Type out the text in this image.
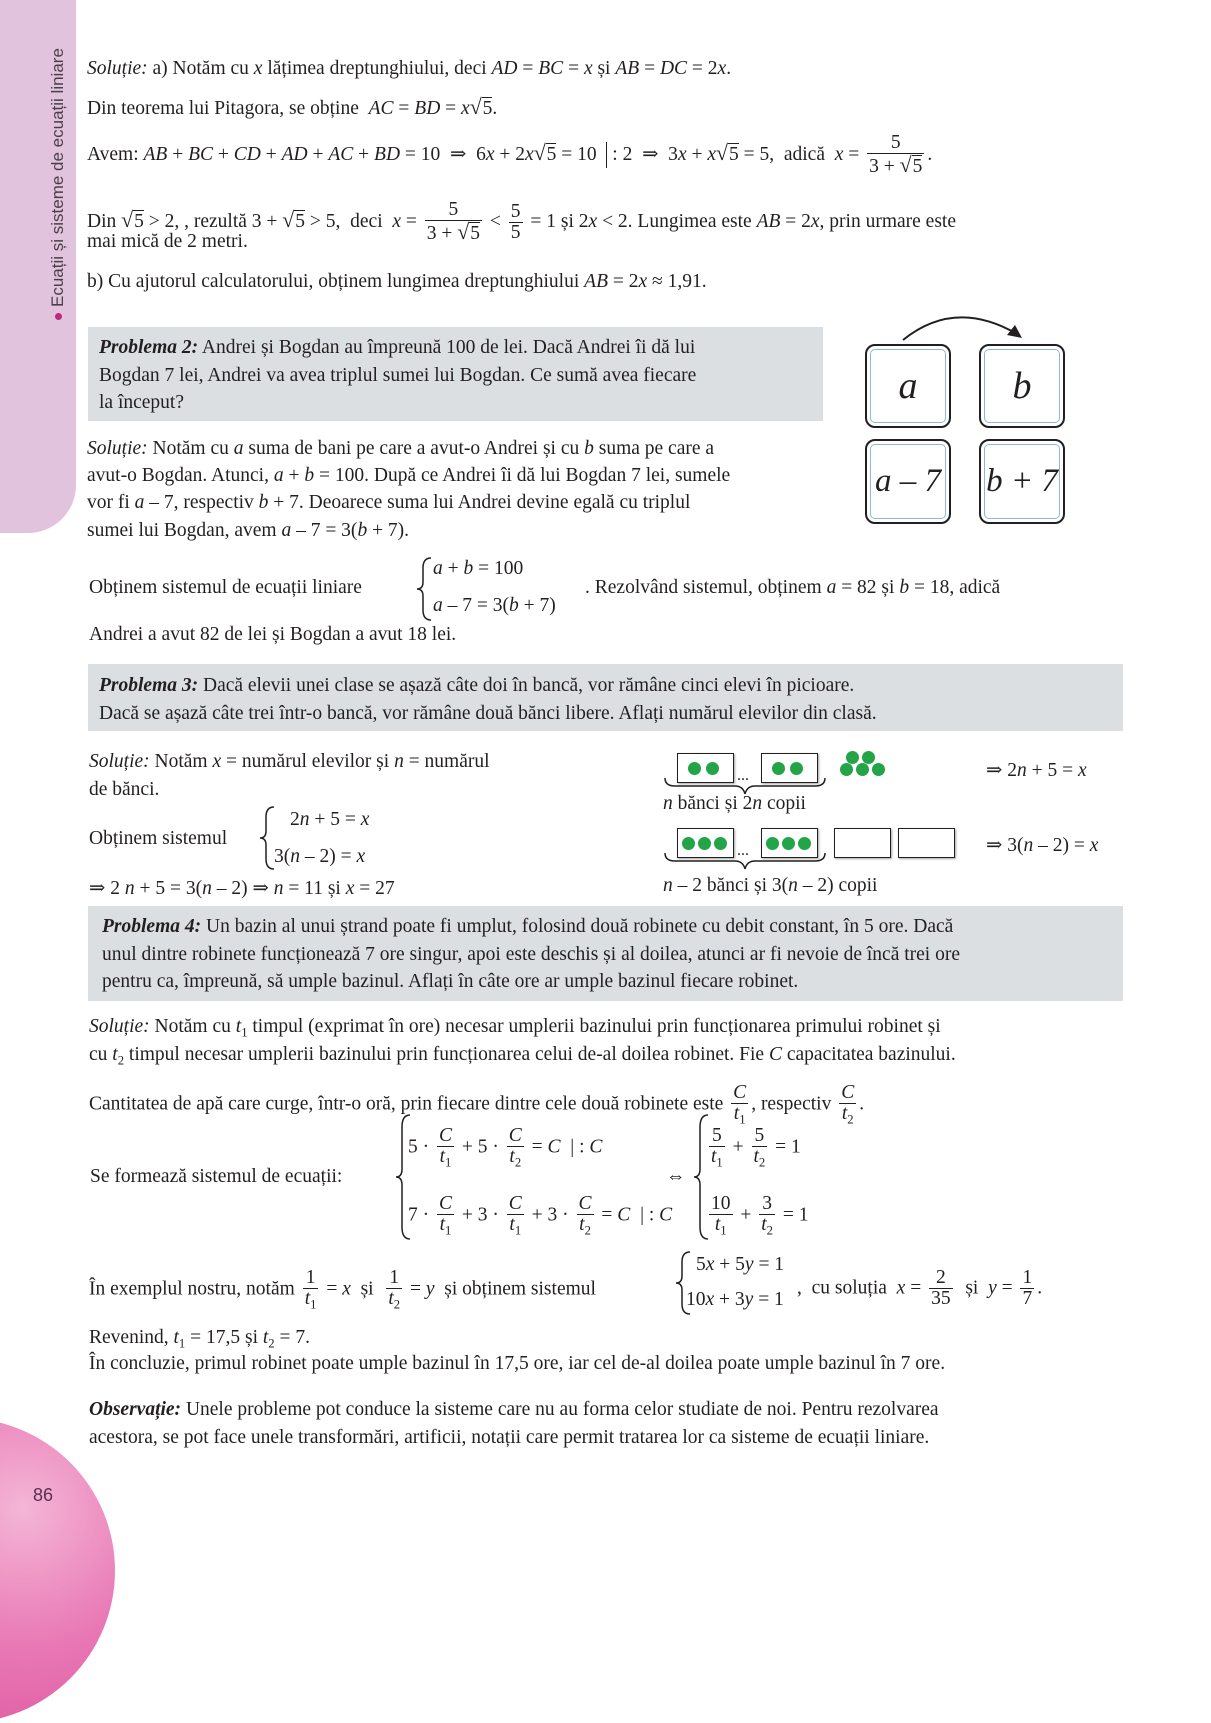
Ecuații și sisteme de ecuații liniare
86
Soluție: a) Notăm cu x lățimea dreptunghiului, deci AD = BC = x și AB = DC = 2x.
Din teorema lui Pitagora, se obține  AC = BD = x√5.
Avem: AB + BC + CD + AD + AC + BD = 10  ⇒  6x + 2x√5 = 10   : 2  ⇒  3x + x√5 = 5,  adică  $x = \frac{5}{3 + √5}$ .
Din √5 > 2, , rezultă 3 + √5 > 5,  deci  $x = \frac{5}{3 + √5} < \frac{5}{5} = 1$ și 2x < 2. Lungimea este AB = 2x, prin urmare este
mai mică de 2 metri.
b) Cu ajutorul calculatorului, obținem lungimea dreptunghiului AB = 2x ≈ 1,91.
Problema 2: Andrei și Bogdan au împreună 100 de lei. Dacă Andrei îi dă lui
Bogdan 7 lei, Andrei va avea triplul sumei lui Bogdan. Ce sumă avea fiecare
la început?	a	b
a – 7	b + 7
Soluție: Notăm cu a suma de bani pe care a avut-o Andrei și cu b suma pe care a
avut-o Bogdan. Atunci, a + b = 100. După ce Andrei îi dă lui Bogdan 7 lei, sumele
vor fi a – 7, respectiv b + 7. Deoarece suma lui Andrei devine egală cu triplul
sumei lui Bogdan, avem a – 7 = 3(b + 7).
Obținem sistemul de ecuații liniare
a + b = 100
a – 7 = 3(b + 7)
. Rezolvând sistemul, obținem a = 82 și b = 18, adică
Andrei a avut 82 de lei și Bogdan a avut 18 lei.
Problema 3: Dacă elevii unei clase se așază câte doi în bancă, vor rămâne cinci elevi în picioare.
Dacă se așază câte trei într-o bancă, vor rămâne două bănci libere. Aflați numărul elevilor din clasă.
Soluție: Notăm x = numărul elevilor și n = numărul
de bănci.
Obținem sistemul
2n + 5 = x
3(n – 2) = x
⇒ 2 n + 5 = 3(n – 2) ⇒ n = 11 și x = 27
...
n bănci și 2n copii
⇒ 2n + 5 = x
...
n – 2 bănci și 3(n – 2) copii
⇒ 3(n – 2) = x
Problema 4: Un bazin al unui ștrand poate fi umplut, folosind două robinete cu debit constant, în 5 ore. Dacă
unul dintre robinete funcționează 7 ore singur, apoi este deschis și al doilea, atunci ar fi nevoie de încă trei ore
pentru ca, împreună, să umple bazinul. Aflați în câte ore ar umple bazinul fiecare robinet.
Soluție: Notăm cu $t_1$ timpul (exprimat în ore) necesar umplerii bazinului prin funcționarea primului robinet și
cu $t_2$ timpul necesar umplerii bazinului prin funcționarea celui de-al doilea robinet. Fie C capacitatea bazinului.
Cantitatea de apă care curge, într-o oră, prin fiecare dintre cele două robinete este $\frac{C}{t_1}$ , respectiv $\frac{C}{t_2}$ .
Se formează sistemul de ecuații:
$5 \cdot \frac{C}{t_1} + 5 \cdot \frac{C}{t_2} = C$  | : C
$7 \cdot \frac{C}{t_1} + 3 \cdot \frac{C}{t_1} + 3 \cdot \frac{C}{t_2} = C$  | : C
⇔
$\frac{5}{t_1} + \frac{5}{t_2} = 1$
$\frac{10}{t_1} + \frac{3}{t_2} = 1$
În exemplul nostru, notăm $\frac{1}{t_1} = x$  și $\frac{1}{t_2} = y$  și obținem sistemul
5x + 5y = 1
10x + 3y = 1
,  cu soluția  $x = \frac{2}{35}$ și  $y = \frac{1}{7}$ .
Revenind, $t_1 = 17,5$ și $t_2 = 7$.
În concluzie, primul robinet poate umple bazinul în 17,5 ore, iar cel de-al doilea poate umple bazinul în 7 ore.
Observație: Unele probleme pot conduce la sisteme care nu au forma celor studiate de noi. Pentru rezolvarea
acestora, se pot face unele transformări, artificii, notații care permit tratarea lor ca sisteme de ecuații liniare.
